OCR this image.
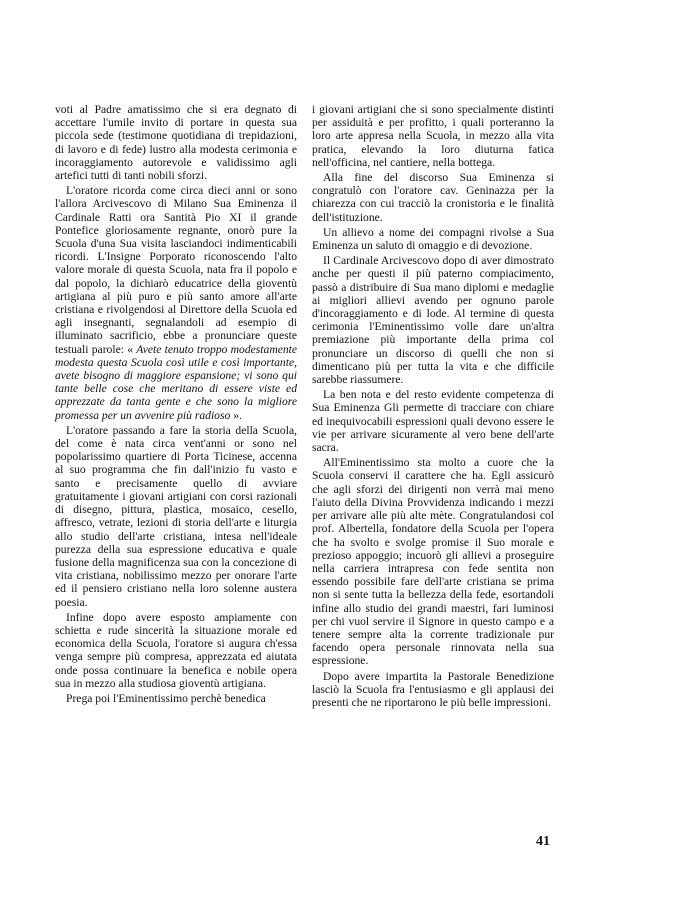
voti al Padre amatissimo che si era degnato di accettare l'umile invito di portare in questa sua piccola sede (testimone quotidiana di trepidazioni, di lavoro e di fede) lustro alla modesta cerimonia e incoraggiamento autorevole e validissimo agli artefici tutti di tanti nobili sforzi.

L'oratore ricorda come circa dieci anni or sono l'allora Arcivescovo di Milano Sua Eminenza il Cardinale Ratti ora Santità Pio XI il grande Pontefice gloriosamente regnante, onorò pure la Scuola d'una Sua visita lasciandoci indimenticabili ricordi. L'Insigne Porporato riconoscendo l'alto valore morale di questa Scuola, nata fra il popolo e dal popolo, la dichiarò educatrice della gioventù artigiana al più puro e più santo amore all'arte cristiana e rivolgendosi al Direttore della Scuola ed agli insegnanti, segnalandoli ad esempio di illuminato sacrificio, ebbe a pronunciare queste testuali parole: « Avete tenuto troppo modestamente modesta questa Scuola così utile e così importante, avete bisogno di maggiore espansione; vi sono qui tante belle cose che meritano di essere viste ed apprezzate da tanta gente e che sono la migliore promessa per un avvenire più radioso ».

L'oratore passando a fare la storia della Scuola, del come è nata circa vent'anni or sono nel popolarissimo quartiere di Porta Ticinese, accenna al suo programma che fin dall'inizio fu vasto e santo e precisamente quello di avviare gratuitamente i giovani artigiani con corsi razionali di disegno, pittura, plastica, mosaico, cesello, affresco, vetrate, lezioni di storia dell'arte e liturgia allo studio dell'arte cristiana, intesa nell'ideale purezza della sua espressione educativa e quale fusione della magnificenza sua con la concezione di vita cristiana, nobilissimo mezzo per onorare l'arte ed il pensiero cristiano nella loro solenne austera poesia.

Infine dopo avere esposto ampiamente con schietta e rude sincerità la situazione morale ed economica della Scuola, l'oratore si augura ch'essa venga sempre più compresa, apprezzata ed aiutata onde possa continuare la benefica e nobile opera sua in mezzo alla studiosa gioventù artigiana.

Prega poi l'Eminentissimo perchè benedica

i giovani artigiani che si sono specialmente distinti per assiduità e per profitto, i quali porteranno la loro arte appresa nella Scuola, in mezzo alla vita pratica, elevando la loro diuturna fatica nell'officina, nel cantiere, nella bottega.

Alla fine del discorso Sua Eminenza si congratulò con l'oratore cav. Geninazza per la chiarezza con cui tracciò la cronistoria e le finalità dell'istituzione.

Un allievo a nome dei compagni rivolse a Sua Eminenza un saluto di omaggio e di devozione.

Il Cardinale Arcivescovo dopo di aver dimostrato anche per questi il più paterno compiacimento, passò a distribuire di Sua mano diplomi e medaglie ai migliori allievi avendo per ognuno parole d'incoraggiamento e di lode. Al termine di questa cerimonia l'Eminentissimo volle dare un'altra premiazione più importante della prima col pronunciare un discorso di quelli che non si dimenticano più per tutta la vita e che difficile sarebbe riassumere.

La ben nota e del resto evidente competenza di Sua Eminenza Gli permette di tracciare con chiare ed inequivocabili espressioni quali devono essere le vie per arrivare sicuramente al vero bene dell'arte sacra.

All'Eminentissimo sta molto a cuore che la Scuola conservi il carattere che ha. Egli assicurò che agli sforzi dei dirigenti non verrà mai meno l'aiuto della Divina Provvidenza indicando i mezzi per arrivare alle più alte mète. Congratulandosi col prof. Albertella, fondatore della Scuola per l'opera che ha svolto e svolge promise il Suo morale e prezioso appoggio; incuorò gli allievi a proseguire nella carriera intrapresa con fede sentita non essendo possibile fare dell'arte cristiana se prima non si sente tutta la bellezza della fede, esortandoli infine allo studio dei grandi maestri, fari luminosi per chi vuol servire il Signore in questo campo e a tenere sempre alta la corrente tradizionale pur facendo opera personale rinnovata nella sua espressione.

Dopo avere impartita la Pastorale Benedizione lasciò la Scuola fra l'entusiasmo e gli applausi dei presenti che ne riportarono le più belle impressioni.

41
